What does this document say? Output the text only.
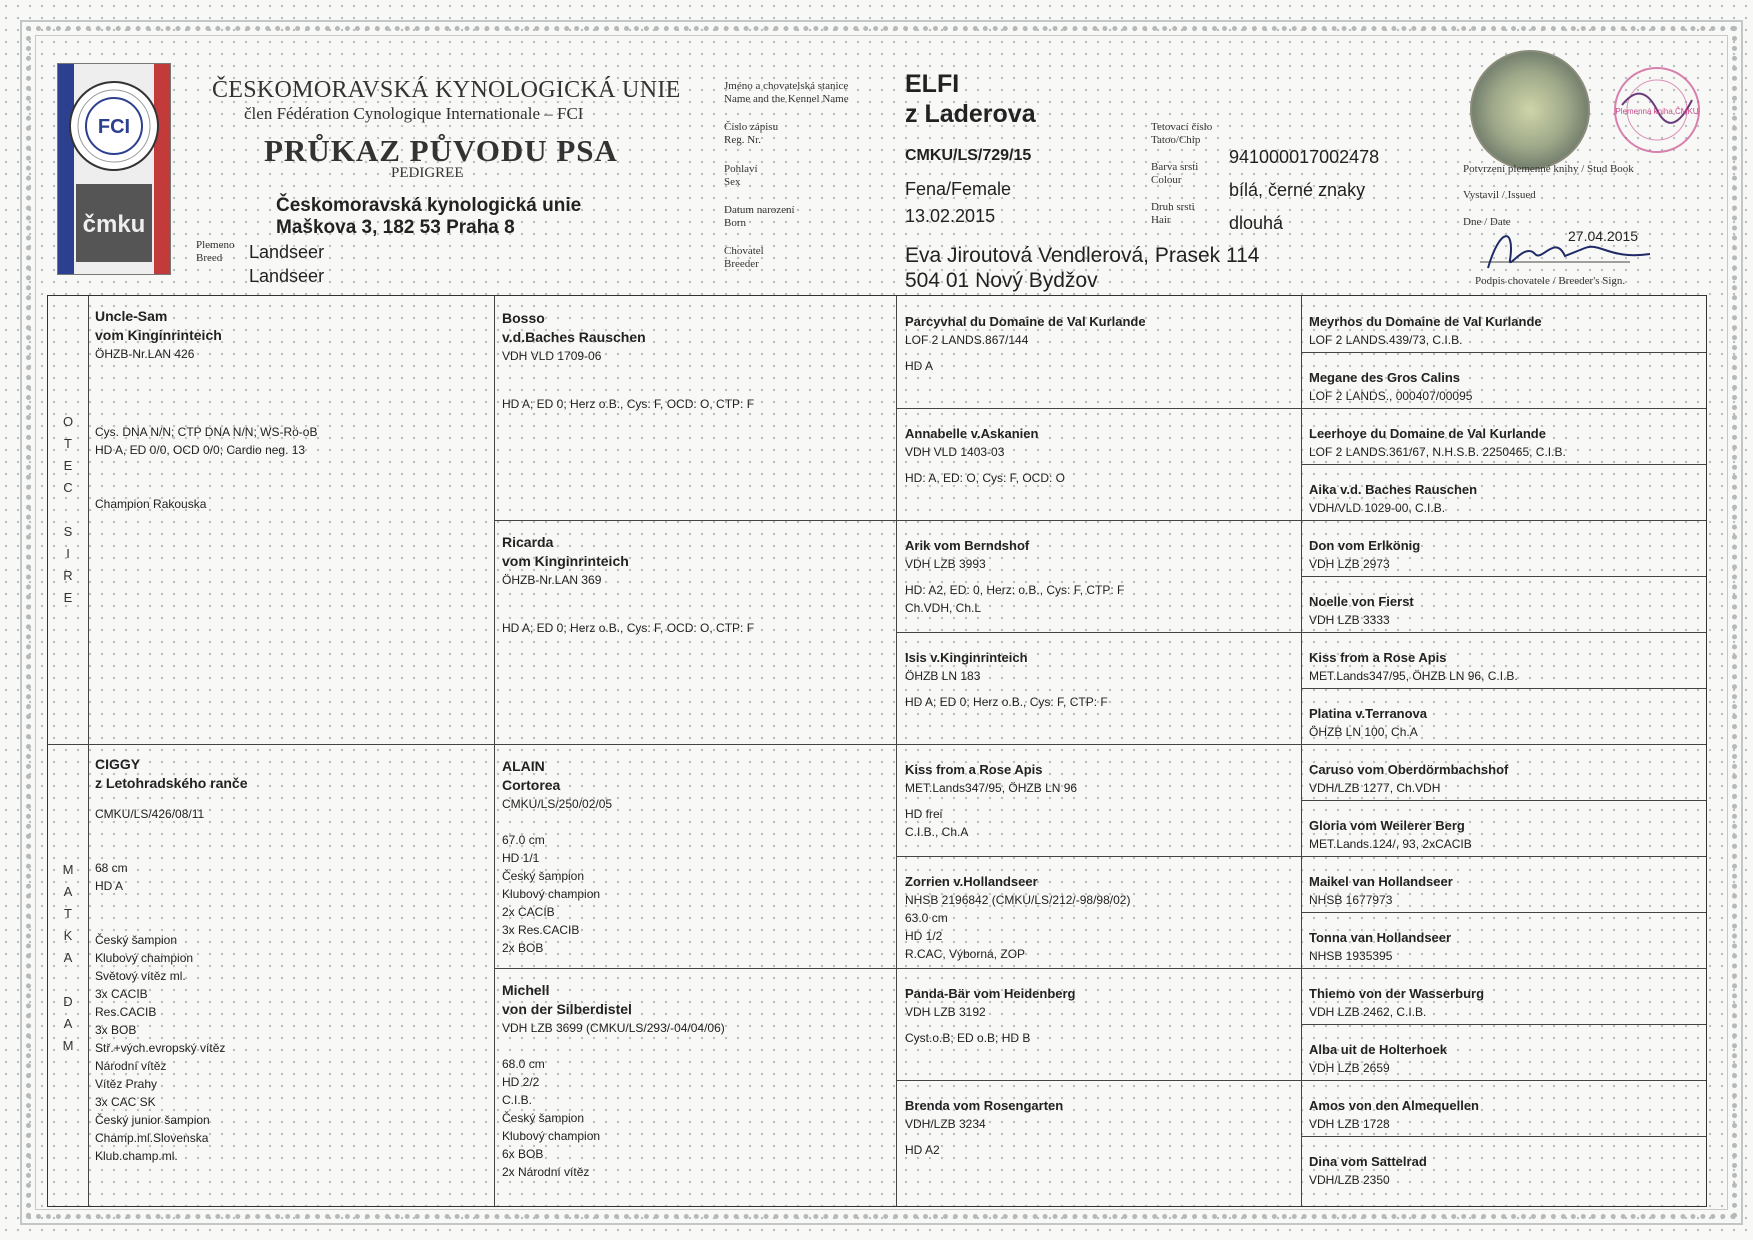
FCI
čmku
ČESKOMORAVSKÁ KYNOLOGICKÁ UNIE
člen Fédération Cynologique Internationale – FCI
PRŮKAZ PŮVODU PSA
PEDIGREE
Českomoravská kynologická unie
Maškova 3, 182 53 Praha 8
Plemeno
Breed	Landseer
Landseer
Jméno a chovatelská stanice
Name and the Kennel Name
Číslo zápisu
Reg. Nr.
Pohlaví
Sex
Datum narození
Born
Chovatel
Breeder
ELFI
z Laderova
CMKU/LS/729/15
Fena/Female
13.02.2015
Eva Jiroutová Vendlerová, Prasek 114
504 01 Nový Bydžov
Tetovací číslo
Tatoo/Chip
Barva srsti
Colour
Druh srsti
Hair
941000017002478
bílá, černé znaky
dlouhá
Plemenná kniha ČMKU
Potvrzení plemenné knihy / Stud Book
Vystavil / Issued
Dne / Date
27.04.2015
Podpis chovatele / Breeder's Sign.
O
T
E
C
S
I
R
E
M
A
T
K
A
D
A
M
Uncle-Sam
vom Kinginrinteich
ÖHZB-Nr.LAN 426
Cys. DNA N/N; CTP DNA N/N; WS-Rö-oB
HD A, ED 0/0, OCD 0/0; Cardio neg. 13
Champion Rakouska
CIGGY
z Letohradského ranče
CMKU/LS/426/08/11
68 cm
HD A
Český šampion
Klubový champion
Světový vítěz ml.
3x CACIB
Res.CACIB
3x BOB
Stř.+vých.evropský vítěz
Národní vítěz
Vítěz Prahy
3x CAC SK
Český junior šampion
Champ.ml.Slovenska
Klub.champ.ml.
Bosso
v.d.Baches Rauschen
VDH VLD 1709-06
HD A; ED 0; Herz o.B., Cys: F, OCD: O, CTP: F
Ricarda
vom Kinginrinteich
ÖHZB-Nr.LAN 369
HD A; ED 0; Herz o.B., Cys: F, OCD: O, CTP: F
ALAIN
Cortorea
CMKU/LS/250/02/05
67.0 cm
HD 1/1
Český šampion
Klubový champion
2x CACIB
3x Res.CACIB
2x BOB
Michell
von der Silberdistel
VDH LZB 3699 (CMKU/LS/293/-04/04/06)
68.0 cm
HD 2/2
C.I.B.
Český šampion
Klubový champion
6x BOB
2x Národní vítěz
Parcyvhal du Domaine de Val Kurlande
LOF 2 LANDS.867/144
HD A
Annabelle v.Askanien
VDH VLD 1403-03
HD: A, ED: O, Cys: F, OCD: O
Arik vom Berndshof
VDH LZB 3993
HD: A2, ED: 0, Herz: o.B., Cys: F, CTP: F
Ch.VDH, Ch.L
Isis v.Kinginrinteich
ÖHZB LN 183
HD A; ED 0; Herz o.B., Cys: F, CTP: F
Kiss from a Rose Apis
MET.Lands347/95, ÖHZB LN 96
HD frei
C.I.B., Ch.A
Zorrien v.Hollandseer
NHSB 2196842 (CMKU/LS/212/-98/98/02)
63.0 cm
HD 1/2
R.CAC, Výborná, ZOP
Panda-Bär vom Heidenberg
VDH LZB 3192
Cyst.o.B; ED o.B; HD B
Brenda vom Rosengarten
VDH/LZB 3234
HD A2
Meyrhos du Domaine de Val Kurlande
LOF 2 LANDS.439/73, C.I.B.
Megane des Gros Calins
LOF 2 LANDS., 000407/00095
Leerhoye du Domaine de Val Kurlande
LOF 2 LANDS.361/67, N.H.S.B. 2250465, C.I.B.
Aika v.d. Baches Rauschen
VDH/VLD 1029-00, C.I.B.
Don vom Erlkönig
VDH LZB 2973
Noelle von Fierst
VDH LZB 3333
Kiss from a Rose Apis
MET.Lands347/95, ÖHZB LN 96, C.I.B.
Platina v.Terranova
ÖHZB LN 100, Ch.A
Caruso vom Oberdörmbachshof
VDH/LZB 1277, Ch.VDH
Gloria vom Weilerer Berg
MET.Lands.124/, 93, 2xCACIB
Maikel van Hollandseer
NHSB 1677973
Tonna van Hollandseer
NHSB 1935395
Thiemo von der Wasserburg
VDH LZB 2462, C.I.B.
Alba uit de Holterhoek
VDH LZB 2659
Amos von den Almequellen
VDH LZB 1728
Dina vom Sattelrad
VDH/LZB 2350
